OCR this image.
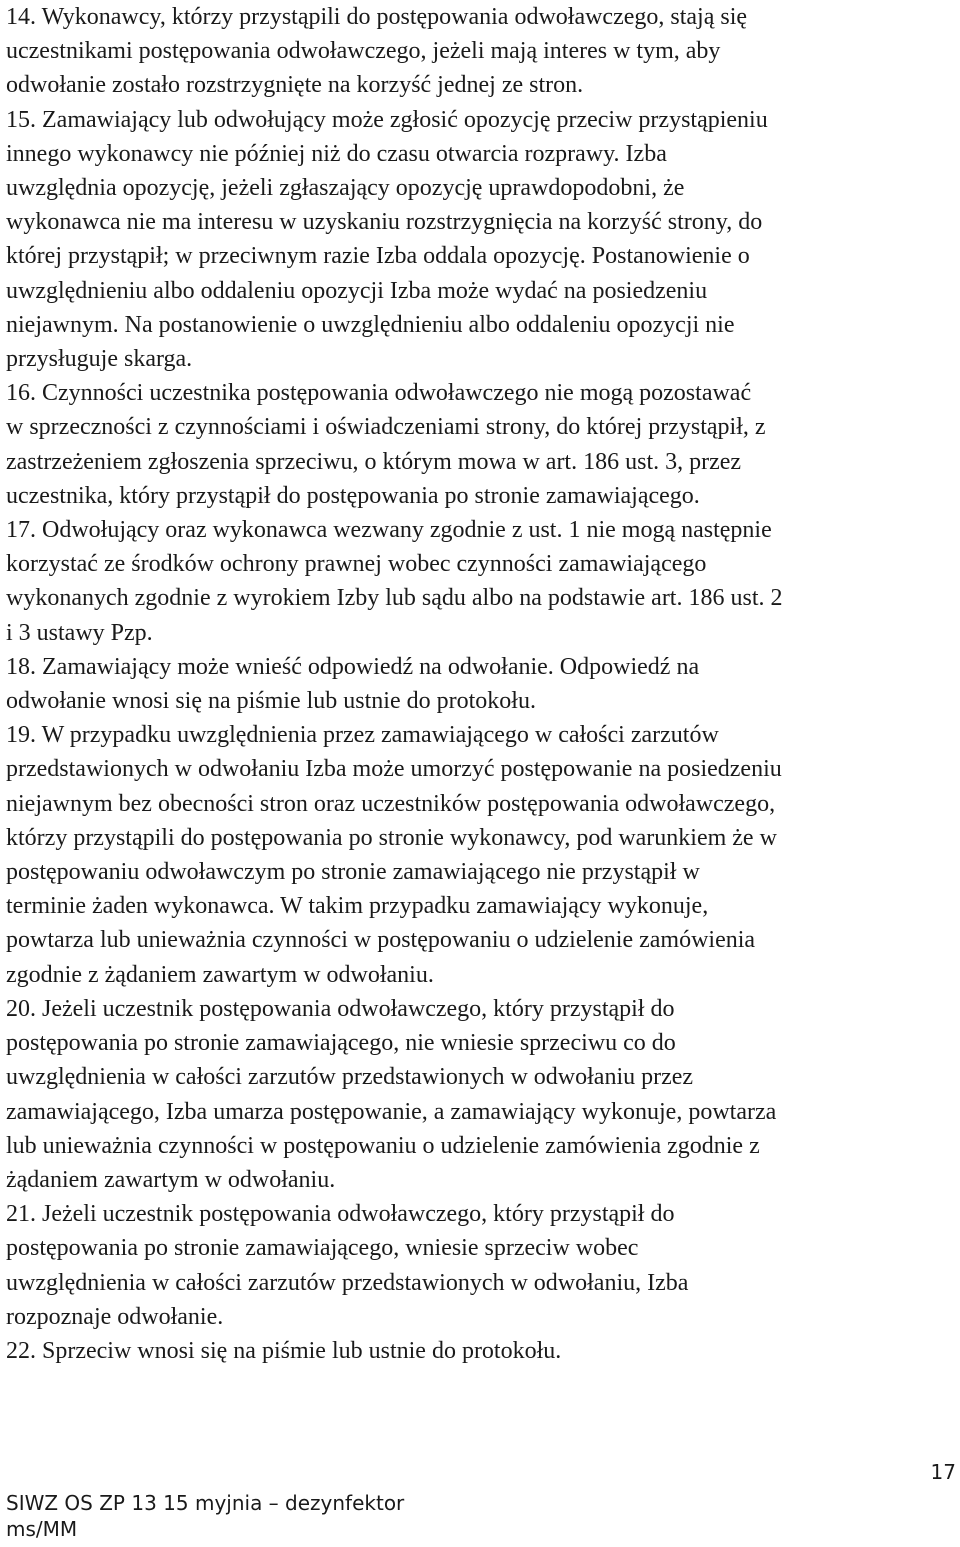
14. Wykonawcy, którzy przystąpili do postępowania odwoławczego, stają się
uczestnikami postępowania odwoławczego, jeżeli mają interes w tym, aby
odwołanie zostało rozstrzygnięte na korzyść jednej ze stron.

15. Zamawiający lub odwołujący może zgłosić opozycję przeciw przystąpieniu
innego wykonawcy nie później niż do czasu otwarcia rozprawy. Izba
uwzględnia opozycję, jeżeli zgłaszający opozycję uprawdopodobni, że
wykonawca nie ma interesu w uzyskaniu rozstrzygnięcia na korzyść strony, do
której przystąpił; w przeciwnym razie Izba oddala opozycję. Postanowienie o
uwzględnieniu albo oddaleniu opozycji Izba może wydać na posiedzeniu
niejawnym. Na postanowienie o uwzględnieniu albo oddaleniu opozycji nie
przysługuje skarga.

16. Czynności uczestnika postępowania odwoławczego nie mogą pozostawać
w sprzeczności z czynnościami i oświadczeniami strony, do której przystąpił, z
zastrzeżeniem zgłoszenia sprzeciwu, o którym mowa w art. 186 ust. 3, przez
uczestnika, który przystąpił do postępowania po stronie zamawiającego.

17. Odwołujący oraz wykonawca wezwany zgodnie z ust. 1 nie mogą następnie
korzystać ze środków ochrony prawnej wobec czynności zamawiającego
wykonanych zgodnie z wyrokiem Izby lub sądu albo na podstawie art. 186 ust. 2
i 3 ustawy Pzp.

18. Zamawiający może wnieść odpowiedź na odwołanie. Odpowiedź na
odwołanie wnosi się na piśmie lub ustnie do protokołu.

19. W przypadku uwzględnienia przez zamawiającego w całości zarzutów
przedstawionych w odwołaniu Izba może umorzyć postępowanie na posiedzeniu
niejawnym bez obecności stron oraz uczestników postępowania odwoławczego,
którzy przystąpili do postępowania po stronie wykonawcy, pod warunkiem że w
postępowaniu odwoławczym po stronie zamawiającego nie przystąpił w
terminie żaden wykonawca. W takim przypadku zamawiający wykonuje,
powtarza lub unieważnia czynności w postępowaniu o udzielenie zamówienia
zgodnie z żądaniem zawartym w odwołaniu.

20. Jeżeli uczestnik postępowania odwoławczego, który przystąpił do
postępowania po stronie zamawiającego, nie wniesie sprzeciwu co do
uwzględnienia w całości zarzutów przedstawionych w odwołaniu przez
zamawiającego, Izba umarza postępowanie, a zamawiający wykonuje, powtarza
lub unieważnia czynności w postępowaniu o udzielenie zamówienia zgodnie z
żądaniem zawartym w odwołaniu.

21. Jeżeli uczestnik postępowania odwoławczego, który przystąpił do
postępowania po stronie zamawiającego, wniesie sprzeciw wobec
uwzględnienia w całości zarzutów przedstawionych w odwołaniu, Izba
rozpoznaje odwołanie.

22. Sprzeciw wnosi się na piśmie lub ustnie do protokołu.

17
SIWZ OS ZP 13 15 myjnia – dezynfektor
ms/MM
